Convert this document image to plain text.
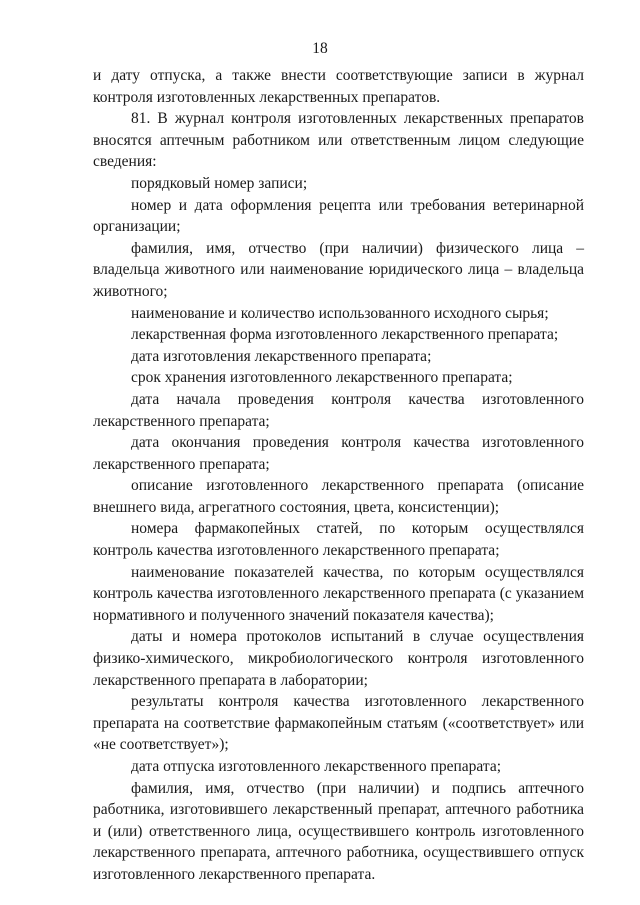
18

и дату отпуска, а также внести соответствующие записи в журнал контроля изготовленных лекарственных препаратов.

81. В журнал контроля изготовленных лекарственных препаратов вносятся аптечным работником или ответственным лицом следующие сведения:

порядковый номер записи;

номер и дата оформления рецепта или требования ветеринарной организации;

фамилия, имя, отчество (при наличии) физического лица – владельца животного или наименование юридического лица – владельца животного;

наименование и количество использованного исходного сырья;

лекарственная форма изготовленного лекарственного препарата;

дата изготовления лекарственного препарата;

срок хранения изготовленного лекарственного препарата;

дата начала проведения контроля качества изготовленного лекарственного препарата;

дата окончания проведения контроля качества изготовленного лекарственного препарата;

описание изготовленного лекарственного препарата (описание внешнего вида, агрегатного состояния, цвета, консистенции);

номера фармакопейных статей, по которым осуществлялся контроль качества изготовленного лекарственного препарата;

наименование показателей качества, по которым осуществлялся контроль качества изготовленного лекарственного препарата (с указанием нормативного и полученного значений показателя качества);

даты и номера протоколов испытаний в случае осуществления физико-химического, микробиологического контроля изготовленного лекарственного препарата в лаборатории;

результаты контроля качества изготовленного лекарственного препарата на соответствие фармакопейным статьям («соответствует» или «не соответствует»);

дата отпуска изготовленного лекарственного препарата;

фамилия, имя, отчество (при наличии) и подпись аптечного работника, изготовившего лекарственный препарат, аптечного работника и (или) ответственного лица, осуществившего контроль изготовленного лекарственного препарата, аптечного работника, осуществившего отпуск изготовленного лекарственного препарата.
